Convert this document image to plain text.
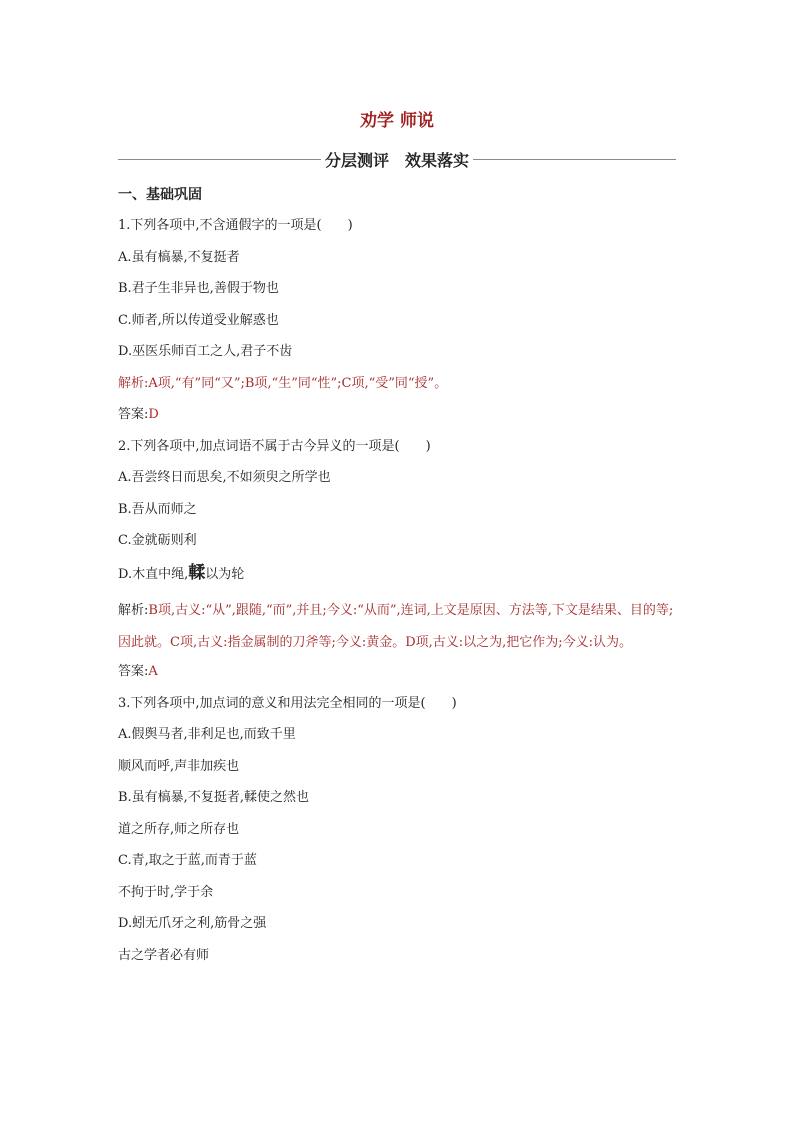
劝学 师说
分层测评　效果落实
一、基础巩固
1.下列各项中,不含通假字的一项是(　　)
A.虽有槁暴,不复挺者
B.君子生非异也,善假于物也
C.师者,所以传道受业解惑也
D.巫医乐师百工之人,君子不齿
解析:A项,“有”同“又”;B项,“生”同“性”;C项,“受”同“授”。
答案:D
2.下列各项中,加点词语不属于古今异义的一项是(　　)
A.吾尝终日而思矣,不如须臾之所学也
B.吾从而师之
C.金就砺则利
D.木直中绳,輮以为轮
解析:B项,古义:“从”,跟随,“而”,并且;今义:“从而”,连词,上文是原因、方法等,下文是结果、目的等;因此就。C项,古义:指金属制的刀斧等;今义:黄金。D项,古义:以之为,把它作为;今义:认为。
答案:A
3.下列各项中,加点词的意义和用法完全相同的一项是(　　)
A.假舆马者,非利足也,而致千里
顺风而呼,声非加疾也
B.虽有槁暴,不复挺者,輮使之然也
道之所存,师之所存也
C.青,取之于蓝,而青于蓝
不拘于时,学于余
D.蚓无爪牙之利,筋骨之强
古之学者必有师
